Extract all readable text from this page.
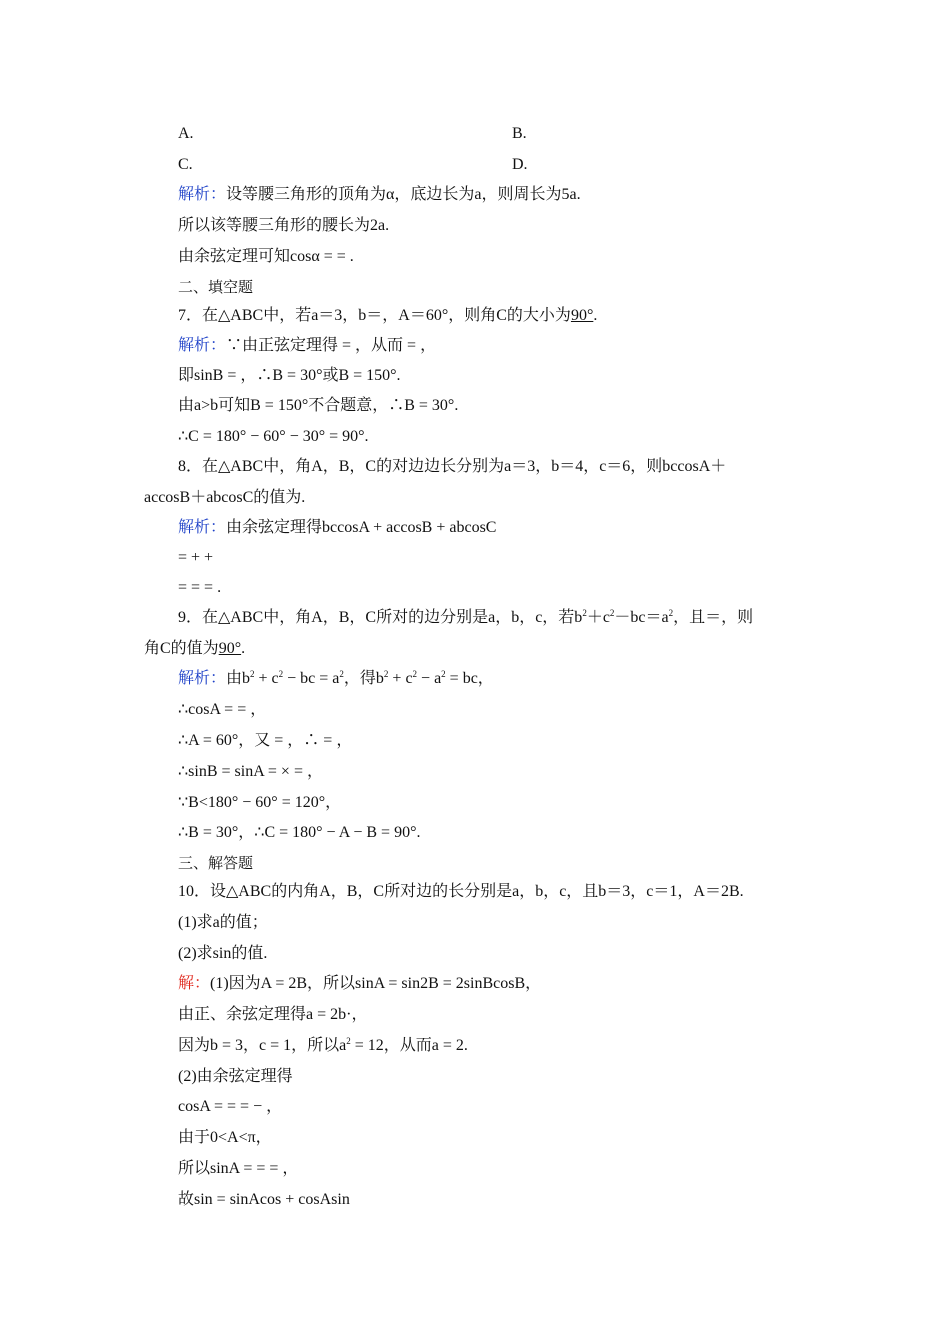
A.	B.
C.	D.
解析：设等腰三角形的顶角为α，底边长为a，则周长为5a.
所以该等腰三角形的腰长为2a.
由余弦定理可知cosα = = .
二、填空题
7．在△ABC中，若a＝3，b＝，A＝60°，则角C的大小为90°.
解析：∵由正弦定理得 = ，从而 = ，
即sinB = ，∴B = 30°或B = 150°.
由a>b可知B = 150°不合题意，∴B = 30°.
∴C = 180° − 60° − 30° = 90°.
8．在△ABC中，角A，B，C的对边边长分别为a＝3，b＝4，c＝6，则bccosA＋
accosB＋abcosC的值为.
解析：由余弦定理得bccosA + accosB + abcosC
= + +
= = = .
9．在△ABC中，角A，B，C所对的边分别是a，b，c，若$b^2+c^2-bc=a^2$，且＝，则
角C的值为90°.
解析：由$b^2 + c^2$ − bc = $a^2$，得$b^2 + c^2 - a^2$ = bc，
∴cosA = = ，
∴A = 60°，又 = ，∴ = ，
∴sinB = sinA = × = ，
∵B<180° − 60° = 120°，
∴B = 30°，∴C = 180° − A − B = 90°.
三、解答题
10．设△ABC的内角A，B，C所对边的长分别是a，b，c，且b＝3，c＝1，A＝2B.
(1)求a的值；
(2)求sin的值.
解：(1)因为A = 2B，所以sinA = sin2B = 2sinBcosB，
由正、余弦定理得a = 2b·，
因为b = 3，c = 1，所以$a^2 = 12$，从而a = 2.
(2)由余弦定理得
cosA = = = − ，
由于0<A<π，
所以sinA = = = ，
故sin = sinAcos + cosAsin
